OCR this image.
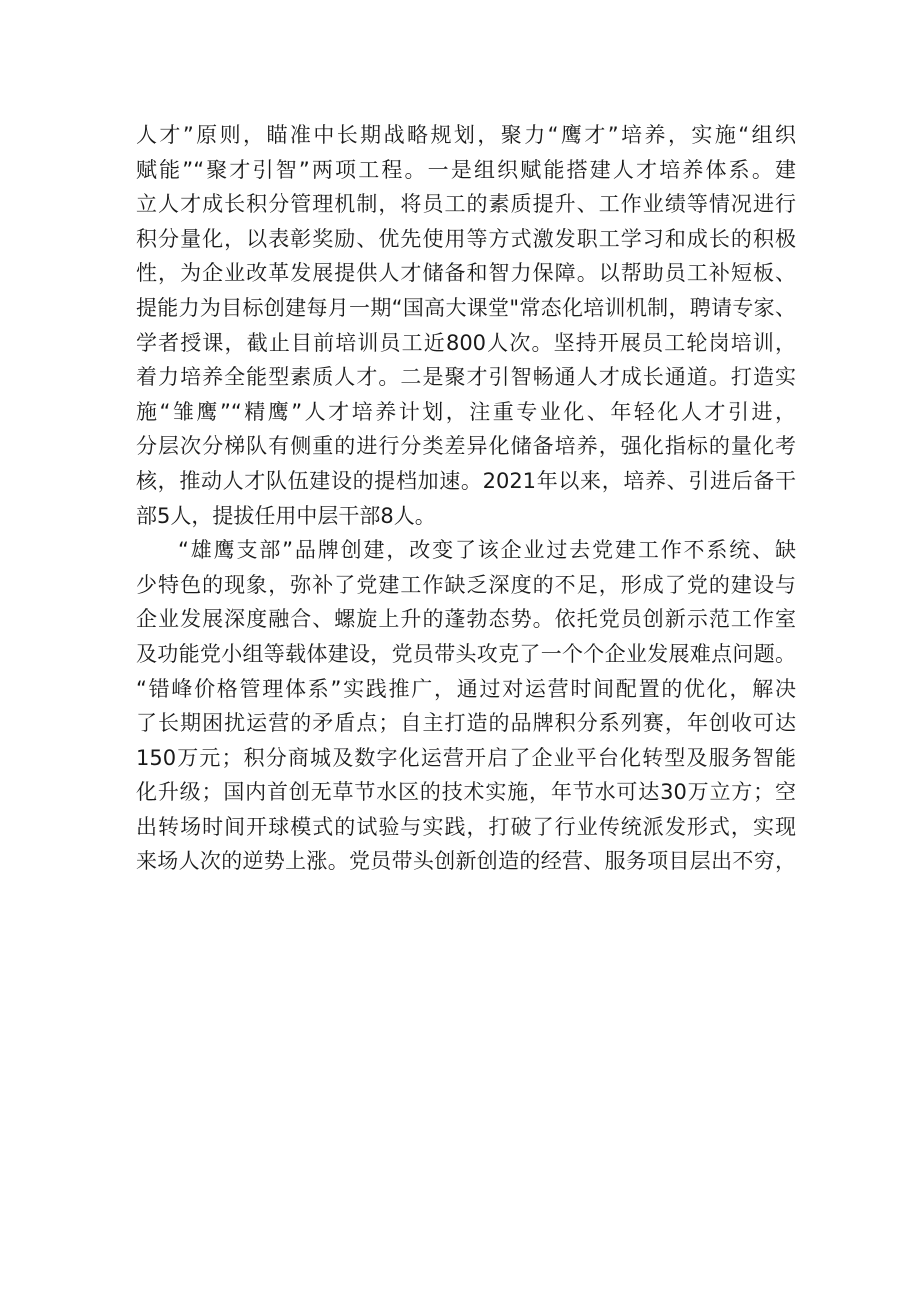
人才”原则，瞄准中长期战略规划，聚力“鹰才”培养，实施“组织
赋能”“聚才引智”两项工程。一是组织赋能搭建人才培养体系。建
立人才成长积分管理机制，将员工的素质提升、工作业绩等情况进行
积分量化，以表彰奖励、优先使用等方式激发职工学习和成长的积极
性，为企业改革发展提供人才储备和智力保障。以帮助员工补短板、
提能力为目标创建每月一期“国高大课堂"常态化培训机制，聘请专家、
学者授课，截止目前培训员工近800人次。坚持开展员工轮岗培训，
着力培养全能型素质人才。二是聚才引智畅通人才成长通道。打造实
施“雏鹰”“精鹰”人才培养计划，注重专业化、年轻化人才引进，
分层次分梯队有侧重的进行分类差异化储备培养，强化指标的量化考
核，推动人才队伍建设的提档加速。2021年以来，培养、引进后备干
部5人，提拔任用中层干部8人。
“雄鹰支部”品牌创建，改变了该企业过去党建工作不系统、缺
少特色的现象，弥补了党建工作缺乏深度的不足，形成了党的建设与
企业发展深度融合、螺旋上升的蓬勃态势。依托党员创新示范工作室
及功能党小组等载体建设，党员带头攻克了一个个企业发展难点问题。
“错峰价格管理体系”实践推广，通过对运营时间配置的优化，解决
了长期困扰运营的矛盾点；自主打造的品牌积分系列赛，年创收可达
150万元；积分商城及数字化运营开启了企业平台化转型及服务智能
化升级；国内首创无草节水区的技术实施，年节水可达30万立方；空
出转场时间开球模式的试验与实践，打破了行业传统派发形式，实现
来场人次的逆势上涨。党员带头创新创造的经营、服务项目层出不穷，
